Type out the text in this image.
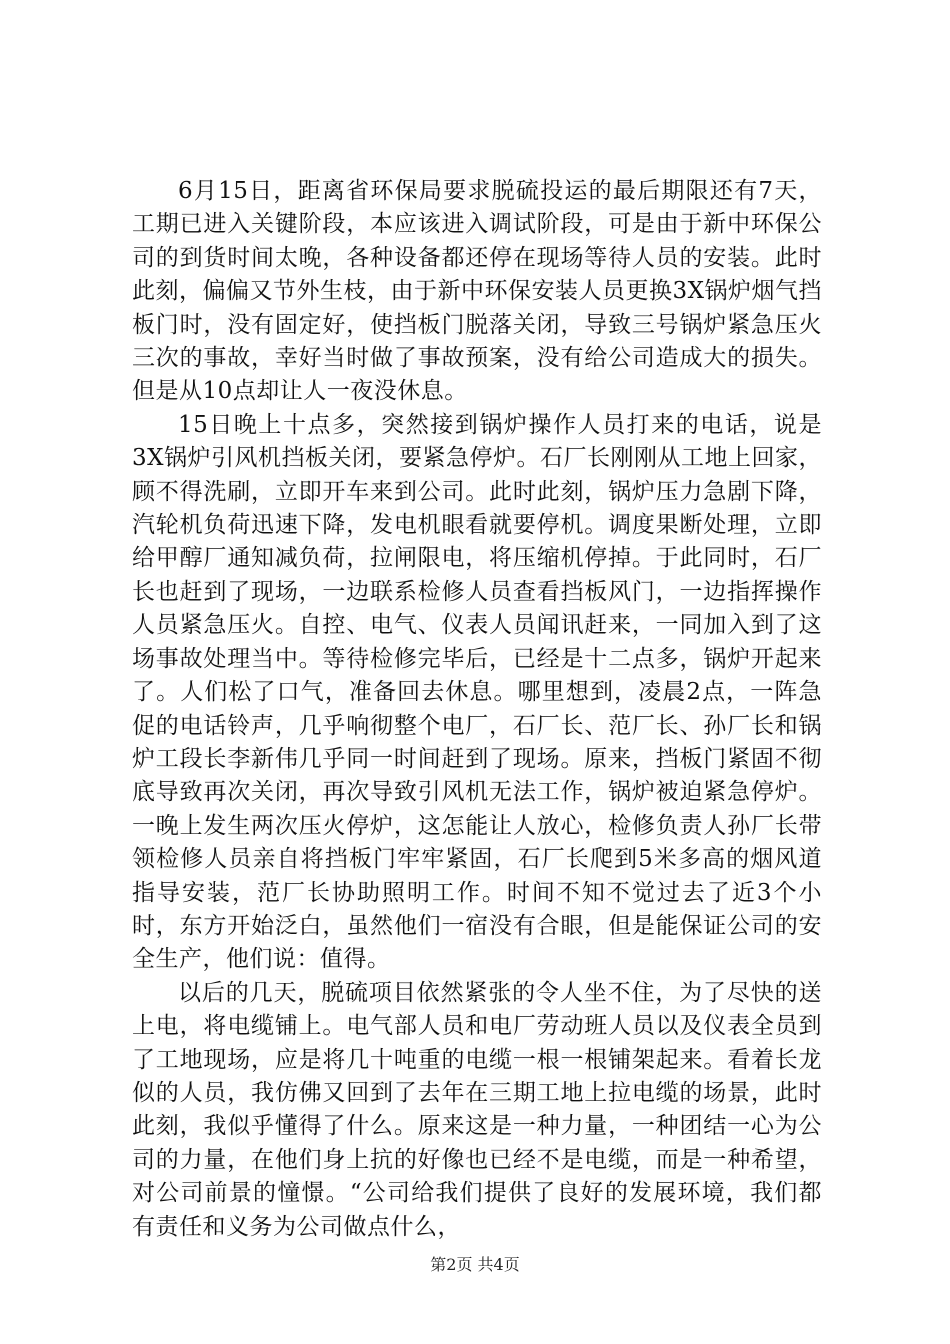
6月15日，距离省环保局要求脱硫投运的最后期限还有7天，工期已进入关键阶段，本应该进入调试阶段，可是由于新中环保公司的到货时间太晚，各种设备都还停在现场等待人员的安装。此时此刻，偏偏又节外生枝，由于新中环保安装人员更换3X锅炉烟气挡板门时，没有固定好，使挡板门脱落关闭，导致三号锅炉紧急压火三次的事故，幸好当时做了事故预案，没有给公司造成大的损失。但是从10点却让人一夜没休息。

15日晚上十点多，突然接到锅炉操作人员打来的电话，说是3X锅炉引风机挡板关闭，要紧急停炉。石厂长刚刚从工地上回家，顾不得洗刷，立即开车来到公司。此时此刻，锅炉压力急剧下降，汽轮机负荷迅速下降，发电机眼看就要停机。调度果断处理，立即给甲醇厂通知减负荷，拉闸限电，将压缩机停掉。于此同时，石厂长也赶到了现场，一边联系检修人员查看挡板风门，一边指挥操作人员紧急压火。自控、电气、仪表人员闻讯赶来，一同加入到了这场事故处理当中。等待检修完毕后，已经是十二点多，锅炉开起来了。人们松了口气，准备回去休息。哪里想到，凌晨2点，一阵急促的电话铃声，几乎响彻整个电厂，石厂长、范厂长、孙厂长和锅炉工段长李新伟几乎同一时间赶到了现场。原来，挡板门紧固不彻底导致再次关闭，再次导致引风机无法工作，锅炉被迫紧急停炉。一晚上发生两次压火停炉，这怎能让人放心，检修负责人孙厂长带领检修人员亲自将挡板门牢牢紧固，石厂长爬到5米多高的烟风道指导安装，范厂长协助照明工作。时间不知不觉过去了近3个小时，东方开始泛白，虽然他们一宿没有合眼，但是能保证公司的安全生产，他们说：值得。

以后的几天，脱硫项目依然紧张的令人坐不住，为了尽快的送上电，将电缆铺上。电气部人员和电厂劳动班人员以及仪表全员到了工地现场，应是将几十吨重的电缆一根一根铺架起来。看着长龙似的人员，我仿佛又回到了去年在三期工地上拉电缆的场景，此时此刻，我似乎懂得了什么。原来这是一种力量，一种团结一心为公司的力量，在他们身上抗的好像也已经不是电缆，而是一种希望，对公司前景的憧憬。“公司给我们提供了良好的发展环境，我们都有责任和义务为公司做点什么，

第2页 共4页
